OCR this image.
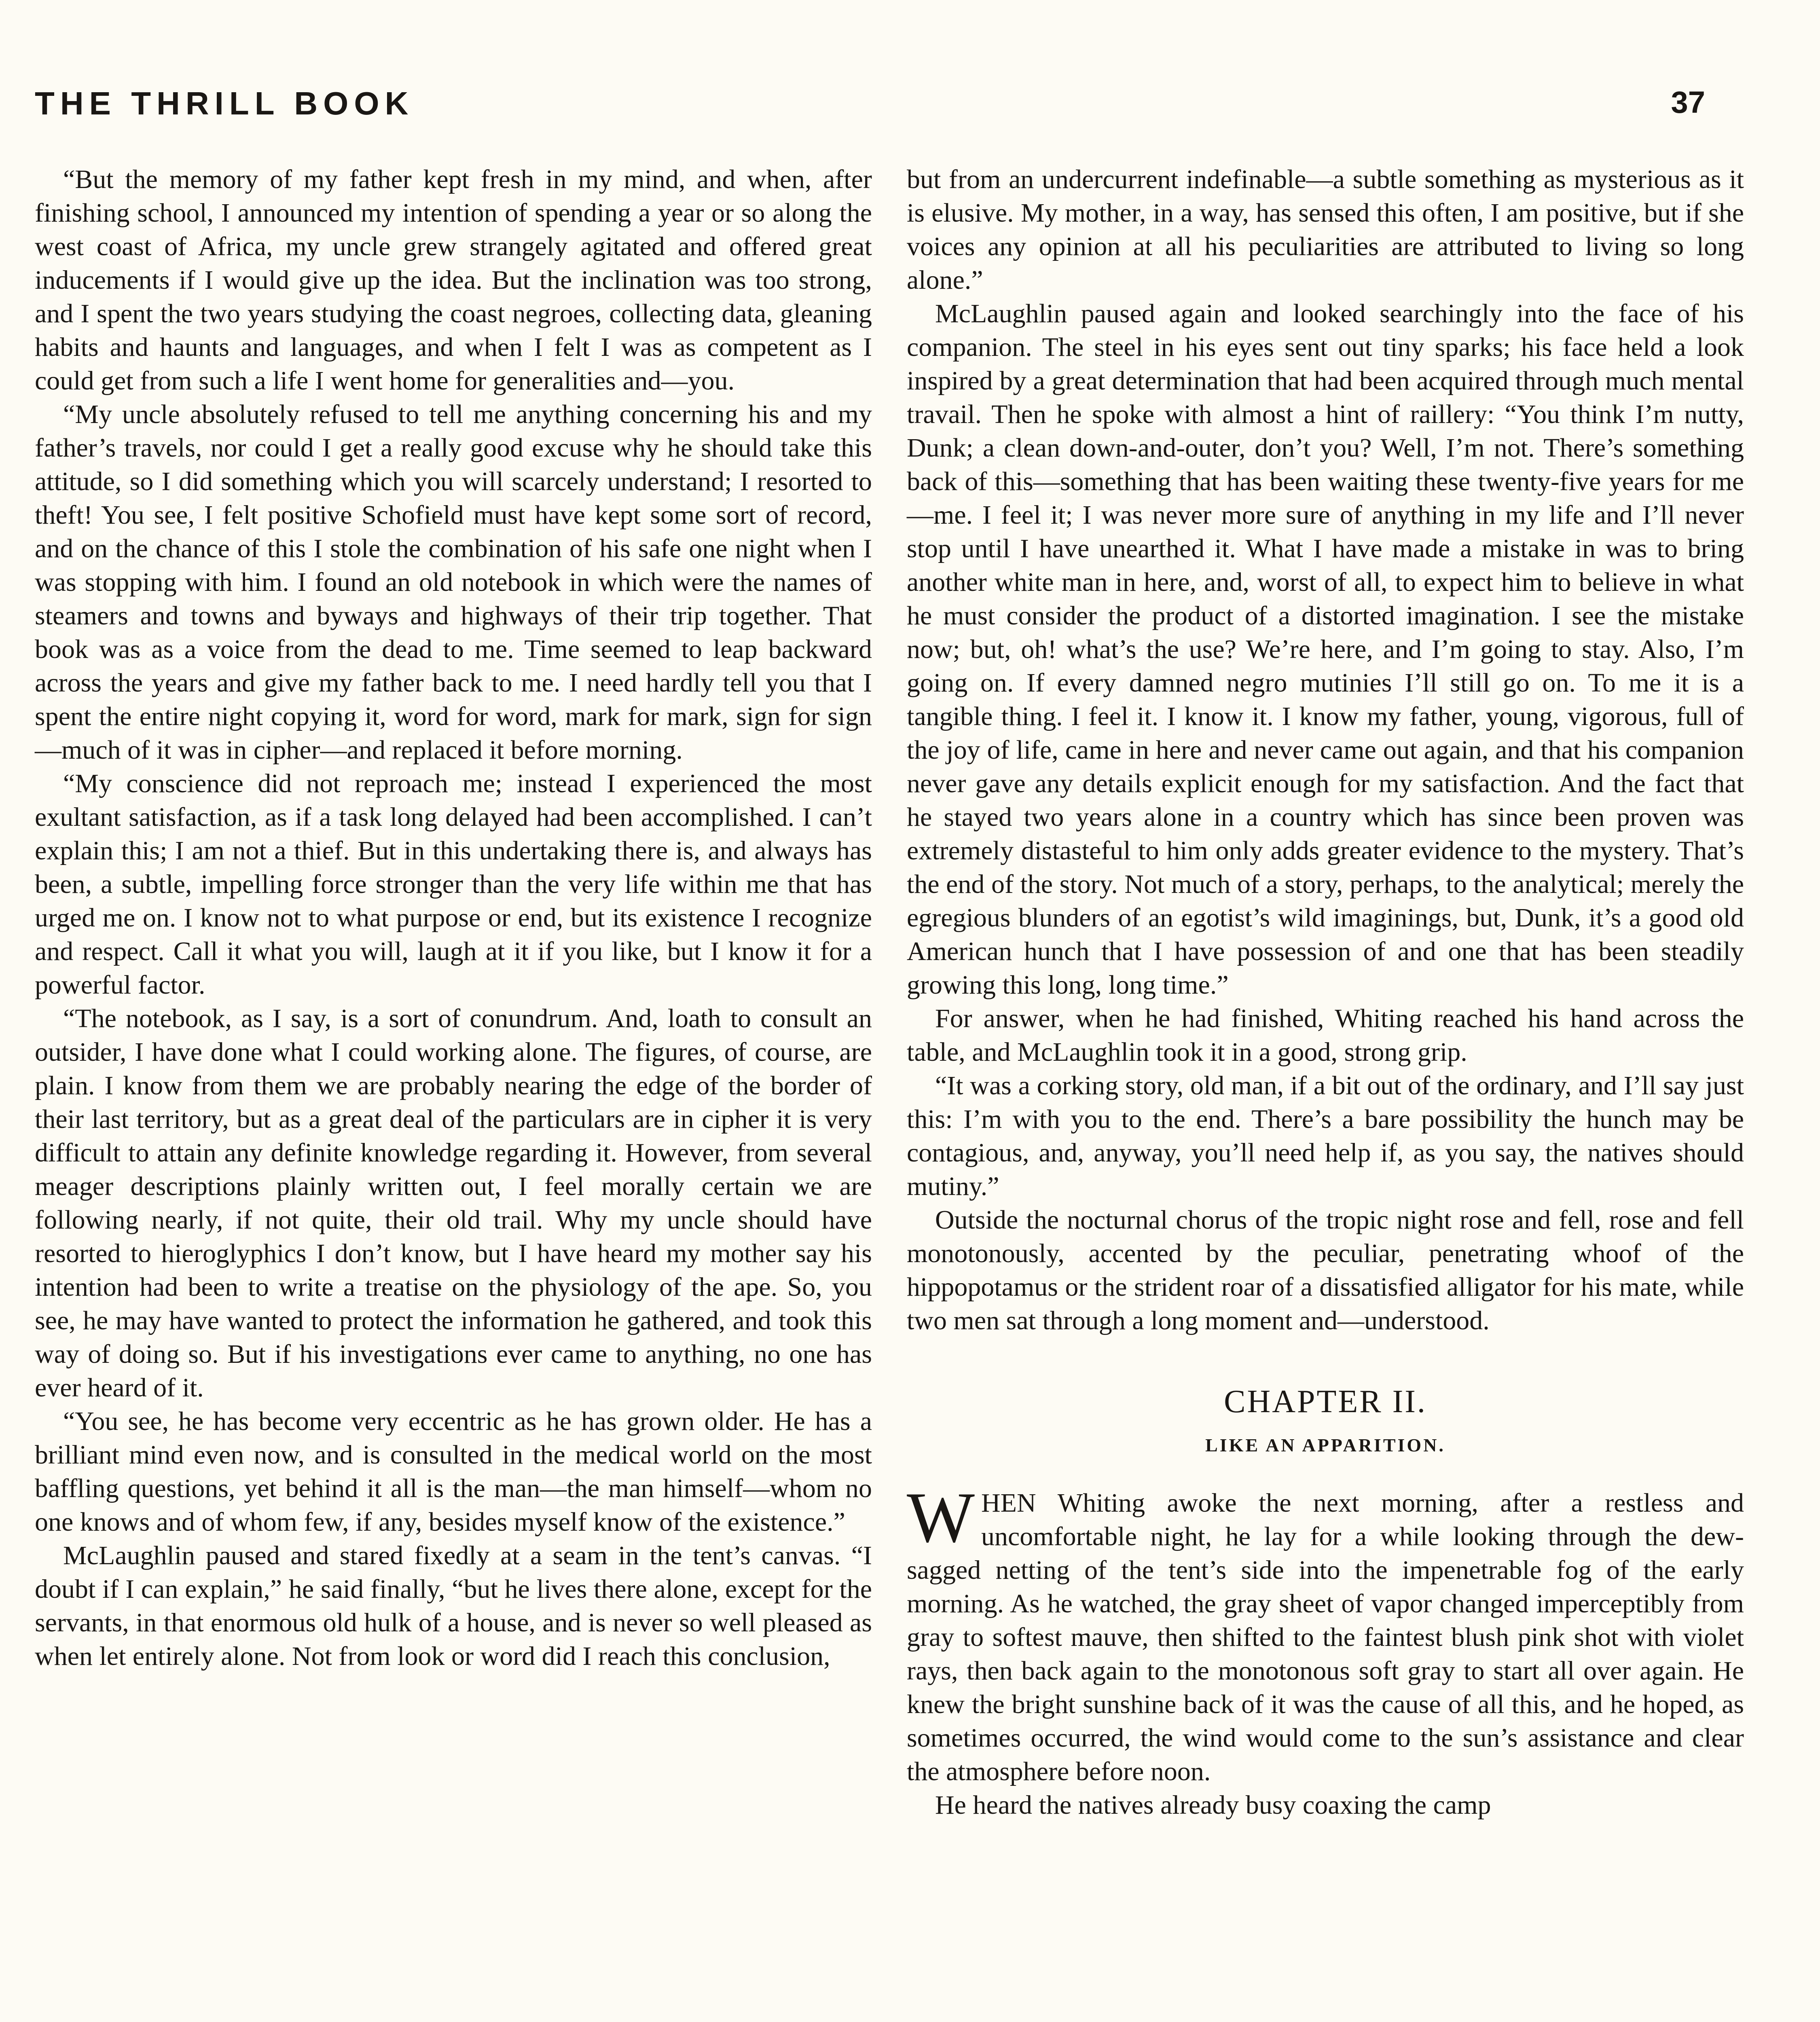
THE THRILL BOOK	37

“But the memory of my father kept fresh in my mind, and when, after finishing school, I announced my intention of spending a year or so along the west coast of Africa, my uncle grew strangely agitated and offered great inducements if I would give up the idea. But the inclination was too strong, and I spent the two years studying the coast negroes, collecting data, gleaning habits and haunts and languages, and when I felt I was as competent as I could get from such a life I went home for generalities and—you.

“My uncle absolutely refused to tell me anything concerning his and my father’s travels, nor could I get a really good excuse why he should take this attitude, so I did something which you will scarcely understand; I resorted to theft! You see, I felt positive Schofield must have kept some sort of record, and on the chance of this I stole the combination of his safe one night when I was stopping with him. I found an old notebook in which were the names of steamers and towns and byways and highways of their trip together. That book was as a voice from the dead to me. Time seemed to leap backward across the years and give my father back to me. I need hardly tell you that I spent the entire night copying it, word for word, mark for mark, sign for sign—much of it was in cipher—and replaced it before morning.

“My conscience did not reproach me; instead I experienced the most exultant satisfaction, as if a task long delayed had been accomplished. I can’t explain this; I am not a thief. But in this undertaking there is, and always has been, a subtle, impelling force stronger than the very life within me that has urged me on. I know not to what purpose or end, but its existence I recognize and respect. Call it what you will, laugh at it if you like, but I know it for a powerful factor.

“The notebook, as I say, is a sort of conundrum. And, loath to consult an outsider, I have done what I could working alone. The figures, of course, are plain. I know from them we are probably nearing the edge of the border of their last territory, but as a great deal of the particulars are in cipher it is very difficult to attain any definite knowledge regarding it. However, from several meager descriptions plainly written out, I feel morally certain we are following nearly, if not quite, their old trail. Why my uncle should have resorted to hieroglyphics I don’t know, but I have heard my mother say his intention had been to write a treatise on the physiology of the ape. So, you see, he may have wanted to protect the information he gathered, and took this way of doing so. But if his investigations ever came to anything, no one has ever heard of it.

“You see, he has become very eccentric as he has grown older. He has a brilliant mind even now, and is consulted in the medical world on the most baffling questions, yet behind it all is the man—the man himself—whom no one knows and of whom few, if any, besides myself know of the existence.”

McLaughlin paused and stared fixedly at a seam in the tent’s canvas. “I doubt if I can explain,” he said finally, “but he lives there alone, except for the servants, in that enormous old hulk of a house, and is never so well pleased as when let entirely alone. Not from look or word did I reach this conclusion,

but from an undercurrent indefinable—a subtle something as mysterious as it is elusive. My mother, in a way, has sensed this often, I am positive, but if she voices any opinion at all his peculiarities are attributed to living so long alone.”

McLaughlin paused again and looked searchingly into the face of his companion. The steel in his eyes sent out tiny sparks; his face held a look inspired by a great determination that had been acquired through much mental travail. Then he spoke with almost a hint of raillery: “You think I’m nutty, Dunk; a clean down-and-outer, don’t you? Well, I’m not. There’s something back of this—something that has been waiting these twenty-five years for me—me. I feel it; I was never more sure of anything in my life and I’ll never stop until I have unearthed it. What I have made a mistake in was to bring another white man in here, and, worst of all, to expect him to believe in what he must consider the product of a distorted imagination. I see the mistake now; but, oh! what’s the use? We’re here, and I’m going to stay. Also, I’m going on. If every damned negro mutinies I’ll still go on. To me it is a tangible thing. I feel it. I know it. I know my father, young, vigorous, full of the joy of life, came in here and never came out again, and that his companion never gave any details explicit enough for my satisfaction. And the fact that he stayed two years alone in a country which has since been proven was extremely distasteful to him only adds greater evidence to the mystery. That’s the end of the story. Not much of a story, perhaps, to the analytical; merely the egregious blunders of an egotist’s wild imaginings, but, Dunk, it’s a good old American hunch that I have possession of and one that has been steadily growing this long, long time.”

For answer, when he had finished, Whiting reached his hand across the table, and McLaughlin took it in a good, strong grip.

“It was a corking story, old man, if a bit out of the ordinary, and I’ll say just this: I’m with you to the end. There’s a bare possibility the hunch may be contagious, and, anyway, you’ll need help if, as you say, the natives should mutiny.”

Outside the nocturnal chorus of the tropic night rose and fell, rose and fell monotonously, accented by the peculiar, penetrating whoof of the hippopotamus or the strident roar of a dissatisfied alligator for his mate, while two men sat through a long moment and—understood.

CHAPTER II.
LIKE AN APPARITION.

WHEN Whiting awoke the next morning, after a restless and uncomfortable night, he lay for a while looking through the dew-sagged netting of the tent’s side into the impenetrable fog of the early morning. As he watched, the gray sheet of vapor changed imperceptibly from gray to softest mauve, then shifted to the faintest blush pink shot with violet rays, then back again to the monotonous soft gray to start all over again. He knew the bright sunshine back of it was the cause of all this, and he hoped, as sometimes occurred, the wind would come to the sun’s assistance and clear the atmosphere before noon.

He heard the natives already busy coaxing the camp
